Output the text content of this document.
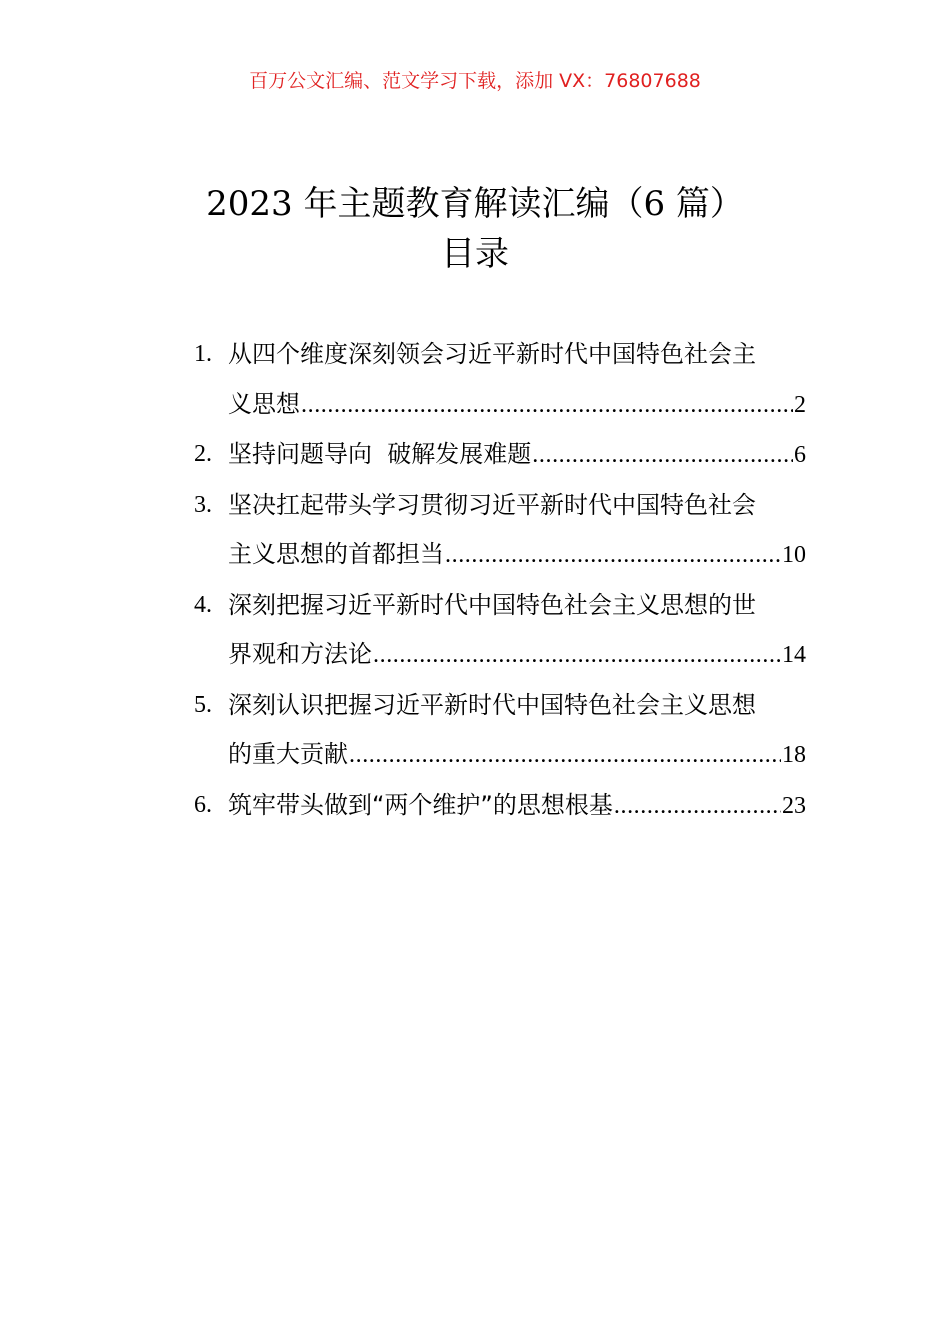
百万公文汇编、范文学习下载，添加 VX：76807688
2023 年主题教育解读汇编（6 篇）
目录
1. 从四个维度深刻领会习近平新时代中国特色社会主
义思想 .....	2
2. 坚持问题导向  破解发展难题 .....	6
3. 坚决扛起带头学习贯彻习近平新时代中国特色社会
主义思想的首都担当 .....	10
4. 深刻把握习近平新时代中国特色社会主义思想的世
界观和方法论 .....	14
5. 深刻认识把握习近平新时代中国特色社会主义思想
的重大贡献 .....	18
6. 筑牢带头做到“两个维护”的思想根基 .....	23
